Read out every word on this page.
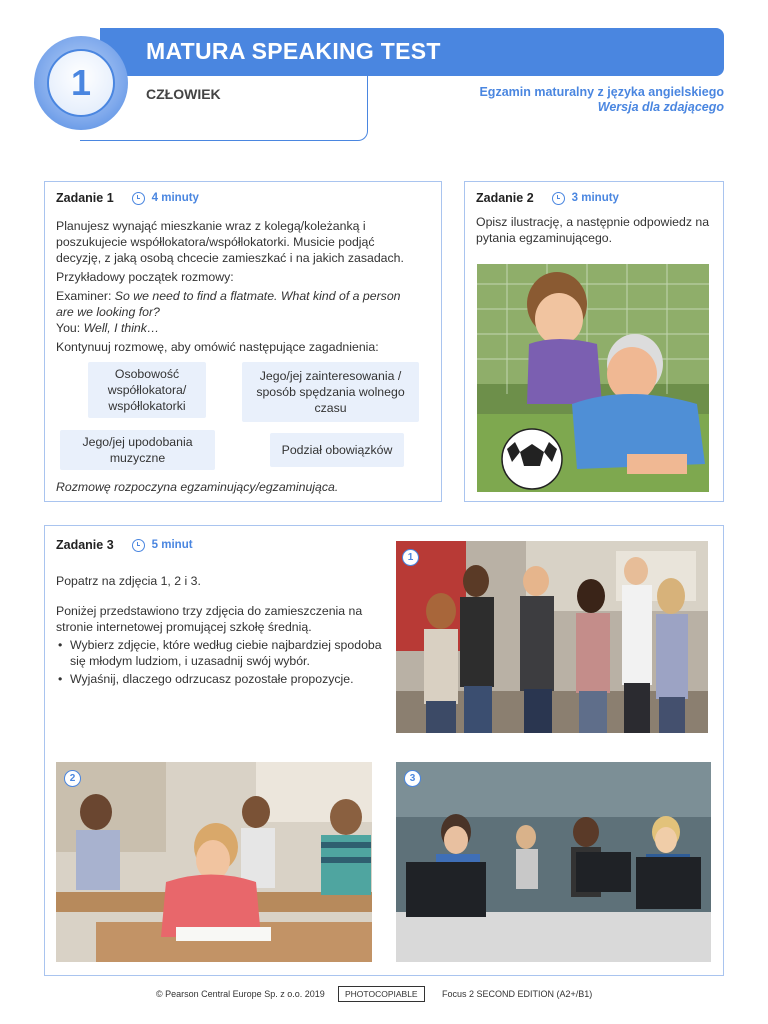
MATURA SPEAKING TEST
CZŁOWIEK
1	Egzamin maturalny z języka angielskiego
Wersja dla zdającego
Zadanie 1	4 minuty

Planujesz wynająć mieszkanie wraz z kolegą/koleżanką i poszukujecie współlokatora/współlokatorki. Musicie podjąć decyzję, z jaką osobą chcecie zamieszkać i na jakich zasadach.

Przykładowy początek rozmowy:

Examiner: So we need to find a flatmate. What kind of a person are we looking for?

You: Well, I think…

Kontynuuj rozmowę, aby omówić następujące zagadnienia:

Osobowość współlokatora/ współlokatorki
Jego/jej zainteresowania / sposób spędzania wolnego czasu
Jego/jej upodobania muzyczne
Podział obowiązków
Rozmowę rozpoczyna egzaminujący/egzaminująca.
Zadanie 2	3 minuty
Opisz ilustrację, a następnie odpowiedz na pytania egzaminującego.
Zadanie 3	5 minut

Popatrz na zdjęcia 1, 2 i 3.

Poniżej przedstawiono trzy zdjęcia do zamieszczenia na stronie internetowej promującej szkołę średnią.

• Wybierz zdjęcie, które według ciebie najbardziej spodoba się młodym ludziom, i uzasadnij swój wybór.
• Wyjaśnij, dlaczego odrzucasz pozostałe propozycje.
1
2	3
© Pearson Central Europe Sp. z o.o. 2019	PHOTOCOPIABLE	Focus 2 SECOND EDITION (A2+/B1)
